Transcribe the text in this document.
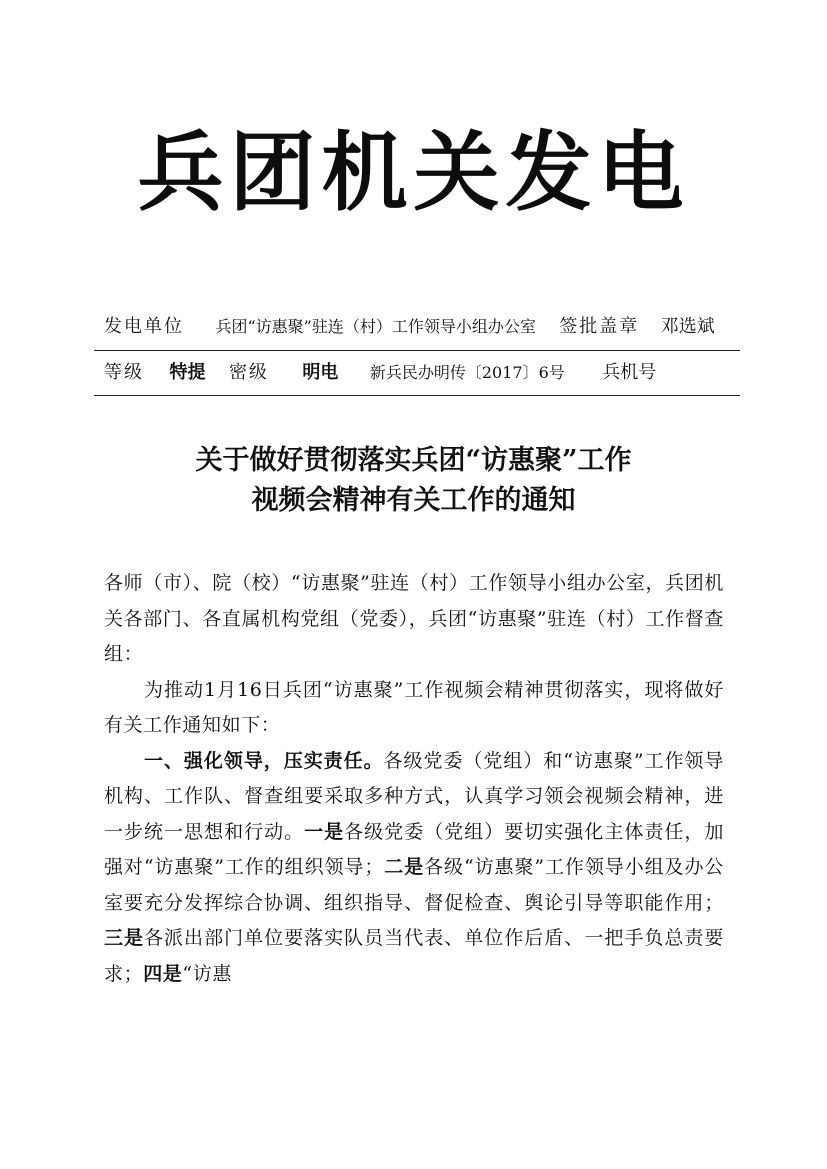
兵团机关发电
发电单位 兵团“访惠聚”驻连（村）工作领导小组办公室 签批盖章 邓选斌
等级 特提 密级 明电 新兵民办明传〔2017〕6号 兵机号
关于做好贯彻落实兵团“访惠聚”工作
视频会精神有关工作的通知

各师（市）、院（校）“访惠聚”驻连（村）工作领导小组办公室，兵团机关各部门、各直属机构党组（党委），兵团“访惠聚”驻连（村）工作督查组：

为推动1月16日兵团“访惠聚”工作视频会精神贯彻落实，现将做好有关工作通知如下：

一、强化领导，压实责任。各级党委（党组）和“访惠聚”工作领导机构、工作队、督查组要采取多种方式，认真学习领会视频会精神，进一步统一思想和行动。一是各级党委（党组）要切实强化主体责任，加强对“访惠聚”工作的组织领导；二是各级“访惠聚”工作领导小组及办公室要充分发挥综合协调、组织指导、督促检查、舆论引导等职能作用；三是各派出部门单位要落实队员当代表、单位作后盾、一把手负总责要求；四是“访惠
